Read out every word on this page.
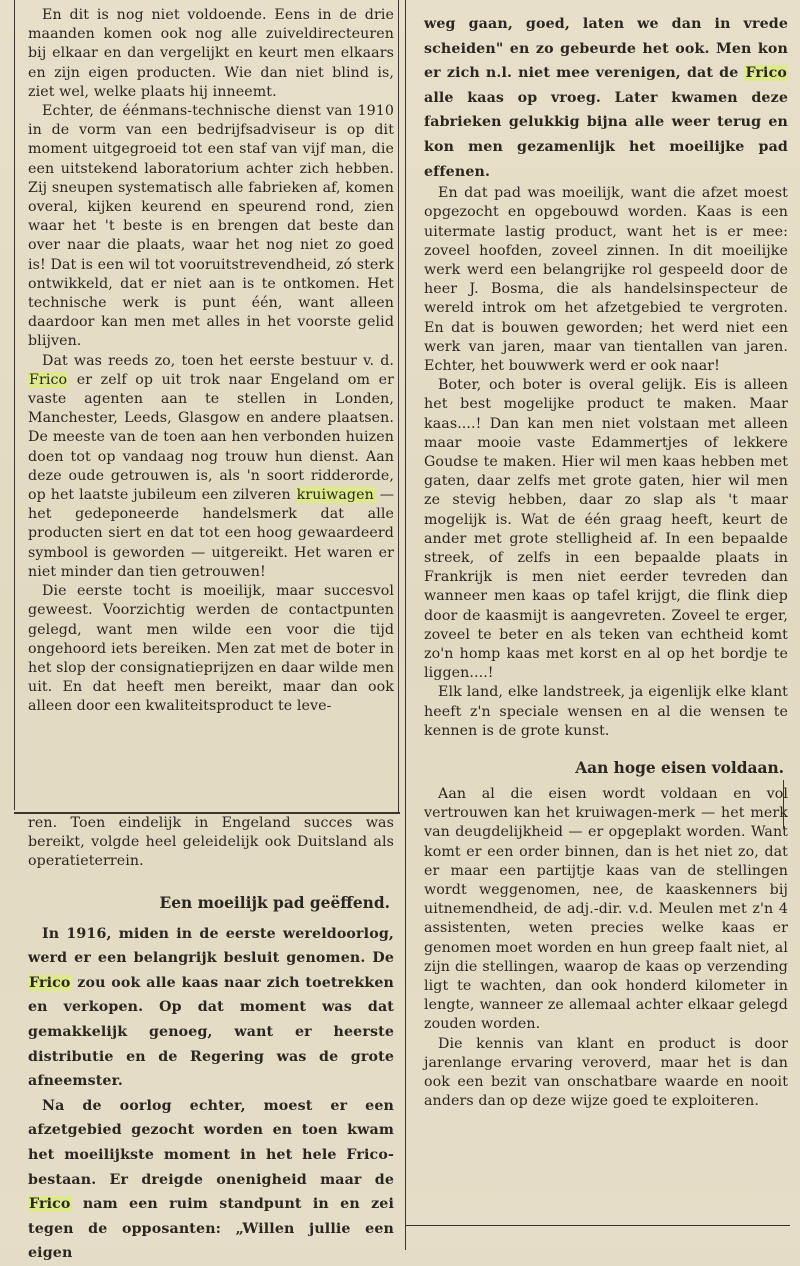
En dit is nog niet voldoende. Eens in de drie maanden komen ook nog alle zuiveldirecteuren bij elkaar en dan vergelijkt en keurt men elkaars en zijn eigen producten. Wie dan niet blind is, ziet wel, welke plaats hij inneemt.

Echter, de éénmans-technische dienst van 1910 in de vorm van een bedrijfsadviseur is op dit moment uitgegroeid tot een staf van vijf man, die een uitstekend laboratorium achter zich hebben. Zij sneupen systematisch alle fabrieken af, komen overal, kijken keurend en speurend rond, zien waar het 't beste is en brengen dat beste dan over naar die plaats, waar het nog niet zo goed is! Dat is een wil tot vooruitstrevendheid, zó sterk ontwikkeld, dat er niet aan is te ontkomen. Het technische werk is punt één, want alleen daardoor kan men met alles in het voorste gelid blijven.

Dat was reeds zo, toen het eerste bestuur v. d. Frico er zelf op uit trok naar Engeland om er vaste agenten aan te stellen in Londen, Manchester, Leeds, Glasgow en andere plaatsen. De meeste van de toen aan hen verbonden huizen doen tot op vandaag nog trouw hun dienst. Aan deze oude getrouwen is, als 'n soort ridderorde, op het laatste jubileum een zilveren kruiwagen — het gedeponeerde handelsmerk dat alle producten siert en dat tot een hoog gewaardeerd symbool is geworden — uitgereikt. Het waren er niet minder dan tien getrouwen!

Die eerste tocht is moeilijk, maar succesvol geweest. Voorzichtig werden de contactpunten gelegd, want men wilde een voor die tijd ongehoord iets bereiken. Men zat met de boter in het slop der consignatieprijzen en daar wilde men uit. En dat heeft men bereikt, maar dan ook alleen door een kwaliteitsproduct te leve-

ren. Toen eindelijk in Engeland succes was bereikt, volgde heel geleidelijk ook Duitsland als operatieterrein.

Een moeilijk pad geëffend.

In 1916, miden in de eerste wereldoorlog, werd er een belangrijk besluit genomen. De Frico zou ook alle kaas naar zich toetrekken en verkopen. Op dat moment was dat gemakkelijk genoeg, want er heerste distributie en de Regering was de grote afneemster.

Na de oorlog echter, moest er een afzetgebied gezocht worden en toen kwam het moeilijkste moment in het hele Frico-bestaan. Er dreigde onenigheid maar de Frico nam een ruim standpunt in en zei tegen de opposanten: „Willen jullie een eigen

weg gaan, goed, laten we dan in vrede scheiden" en zo gebeurde het ook. Men kon er zich n.l. niet mee verenigen, dat de Frico alle kaas op vroeg. Later kwamen deze fabrieken gelukkig bijna alle weer terug en kon men gezamenlijk het moeilijke pad effenen.

En dat pad was moeilijk, want die afzet moest opgezocht en opgebouwd worden. Kaas is een uitermate lastig product, want het is er mee: zoveel hoofden, zoveel zinnen. In dit moeilijke werk werd een belangrijke rol gespeeld door de heer J. Bosma, die als handelsinspecteur de wereld introk om het afzetgebied te vergroten. En dat is bouwen geworden; het werd niet een werk van jaren, maar van tientallen van jaren. Echter, het bouwwerk werd er ook naar!

Boter, och boter is overal gelijk. Eis is alleen het best mogelijke product te maken. Maar kaas....! Dan kan men niet volstaan met alleen maar mooie vaste Edammertjes of lekkere Goudse te maken. Hier wil men kaas hebben met gaten, daar zelfs met grote gaten, hier wil men ze stevig hebben, daar zo slap als 't maar mogelijk is. Wat de één graag heeft, keurt de ander met grote stelligheid af. In een bepaalde streek, of zelfs in een bepaalde plaats in Frankrijk is men niet eerder tevreden dan wanneer men kaas op tafel krijgt, die flink diep door de kaasmijt is aangevreten. Zoveel te erger, zoveel te beter en als teken van echtheid komt zo'n homp kaas met korst en al op het bordje te liggen....!

Elk land, elke landstreek, ja eigenlijk elke klant heeft z'n speciale wensen en al die wensen te kennen is de grote kunst.

Aan hoge eisen voldaan.

Aan al die eisen wordt voldaan en vol vertrouwen kan het kruiwagen-merk — het merk van deugdelijkheid — er opgeplakt worden. Want komt er een order binnen, dan is het niet zo, dat er maar een partijtje kaas van de stellingen wordt weggenomen, nee, de kaaskenners bij uitnemendheid, de adj.-dir. v.d. Meulen met z'n 4 assistenten, weten precies welke kaas er genomen moet worden en hun greep faalt niet, al zijn die stellingen, waarop de kaas op verzending ligt te wachten, dan ook honderd kilometer in lengte, wanneer ze allemaal achter elkaar gelegd zouden worden.

Die kennis van klant en product is door jarenlange ervaring veroverd, maar het is dan ook een bezit van onschatbare waarde en nooit anders dan op deze wijze goed te exploiteren.
